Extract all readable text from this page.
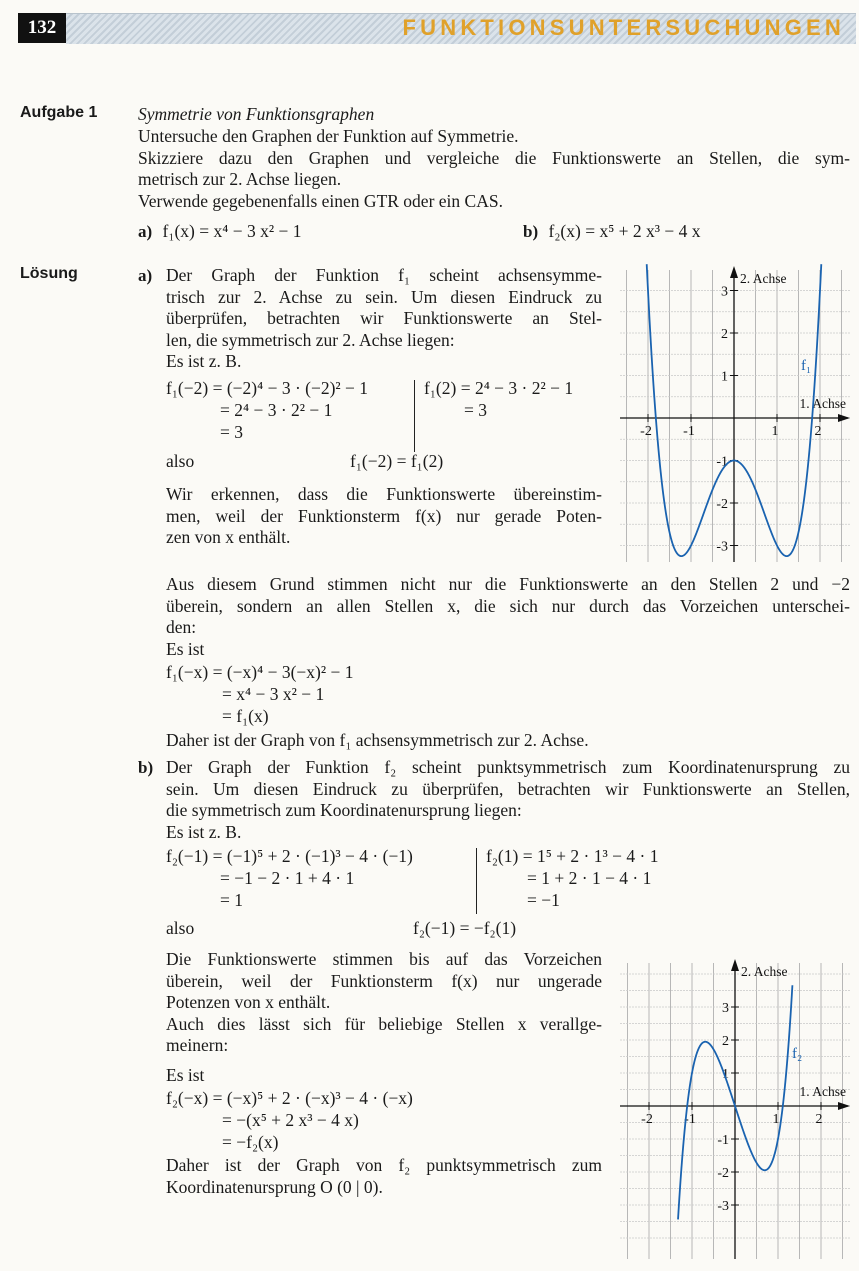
132	FUNKTIONSUNTERSUCHUNGEN
Aufgabe 1 Symmetrie von Funktionsgraphen
Untersuche den Graphen der Funktion auf Symmetrie.
Skizziere dazu den Graphen und vergleiche die Funktionswerte an Stellen, die sym-
metrisch zur 2. Achse liegen.
Verwende gegebenenfalls einen GTR oder ein CAS.
a) f₁(x) = x⁴ − 3 x² − 1	b) f₂(x) = x⁵ + 2 x³ − 4 x
Lösung	a) Der Graph der Funktion f₁ scheint achsensymme-
trisch zur 2. Achse zu sein. Um diesen Eindruck zu
überprüfen, betrachten wir Funktionswerte an Stel-
len, die symmetrisch zur 2. Achse liegen:
Es ist z. B.
f₁(−2) = (−2)⁴ − 3 · (−2)² − 1
= 2⁴ − 3 · 2² − 1
= 3
f₁(2) = 2⁴ − 3 · 2² − 1
= 3
also	f₁(−2) = f₁(2)
Wir erkennen, dass die Funktionswerte übereinstim-
men, weil der Funktionsterm f(x) nur gerade Poten-
zen von x enthält.
Aus diesem Grund stimmen nicht nur die Funktionswerte an den Stellen 2 und −2
überein, sondern an allen Stellen x, die sich nur durch das Vorzeichen unterschei-
den:
Es ist
f₁(−x) = (−x)⁴ − 3(−x)² − 1
= x⁴ − 3 x² − 1
= f₁(x)
Daher ist der Graph von f₁ achsensymmetrisch zur 2. Achse.
b) Der Graph der Funktion f₂ scheint punktsymmetrisch zum Koordinatenursprung zu
sein. Um diesen Eindruck zu überprüfen, betrachten wir Funktionswerte an Stellen,
die symmetrisch zum Koordinatenursprung liegen:
Es ist z. B.
f₂(−1) = (−1)⁵ + 2 · (−1)³ − 4 · (−1)
= −1 − 2 · 1 + 4 · 1
= 1
f₂(1) = 1⁵ + 2 · 1³ − 4 · 1
= 1 + 2 · 1 − 4 · 1
= −1
also	f₂(−1) = −f₂(1)
Die Funktionswerte stimmen bis auf das Vorzeichen
überein, weil der Funktionsterm f(x) nur ungerade
Potenzen von x enthält.
Auch dies lässt sich für beliebige Stellen x verallge-
meinern:
Es ist
f₂(−x) = (−x)⁵ + 2 · (−x)³ − 4 · (−x)
= −(x⁵ + 2 x³ − 4 x)
= −f₂(x)
Daher ist der Graph von f₂ punktsymmetrisch zum
Koordinatenursprung O (0 | 0).
-2 -1	1	2
3
2
1
-1
-2
-3
2. Achse
1. Achse
f₁
-2 -1	1	2
3
2
1
-1
-2
-3
2. Achse
1. Achse
f₂
